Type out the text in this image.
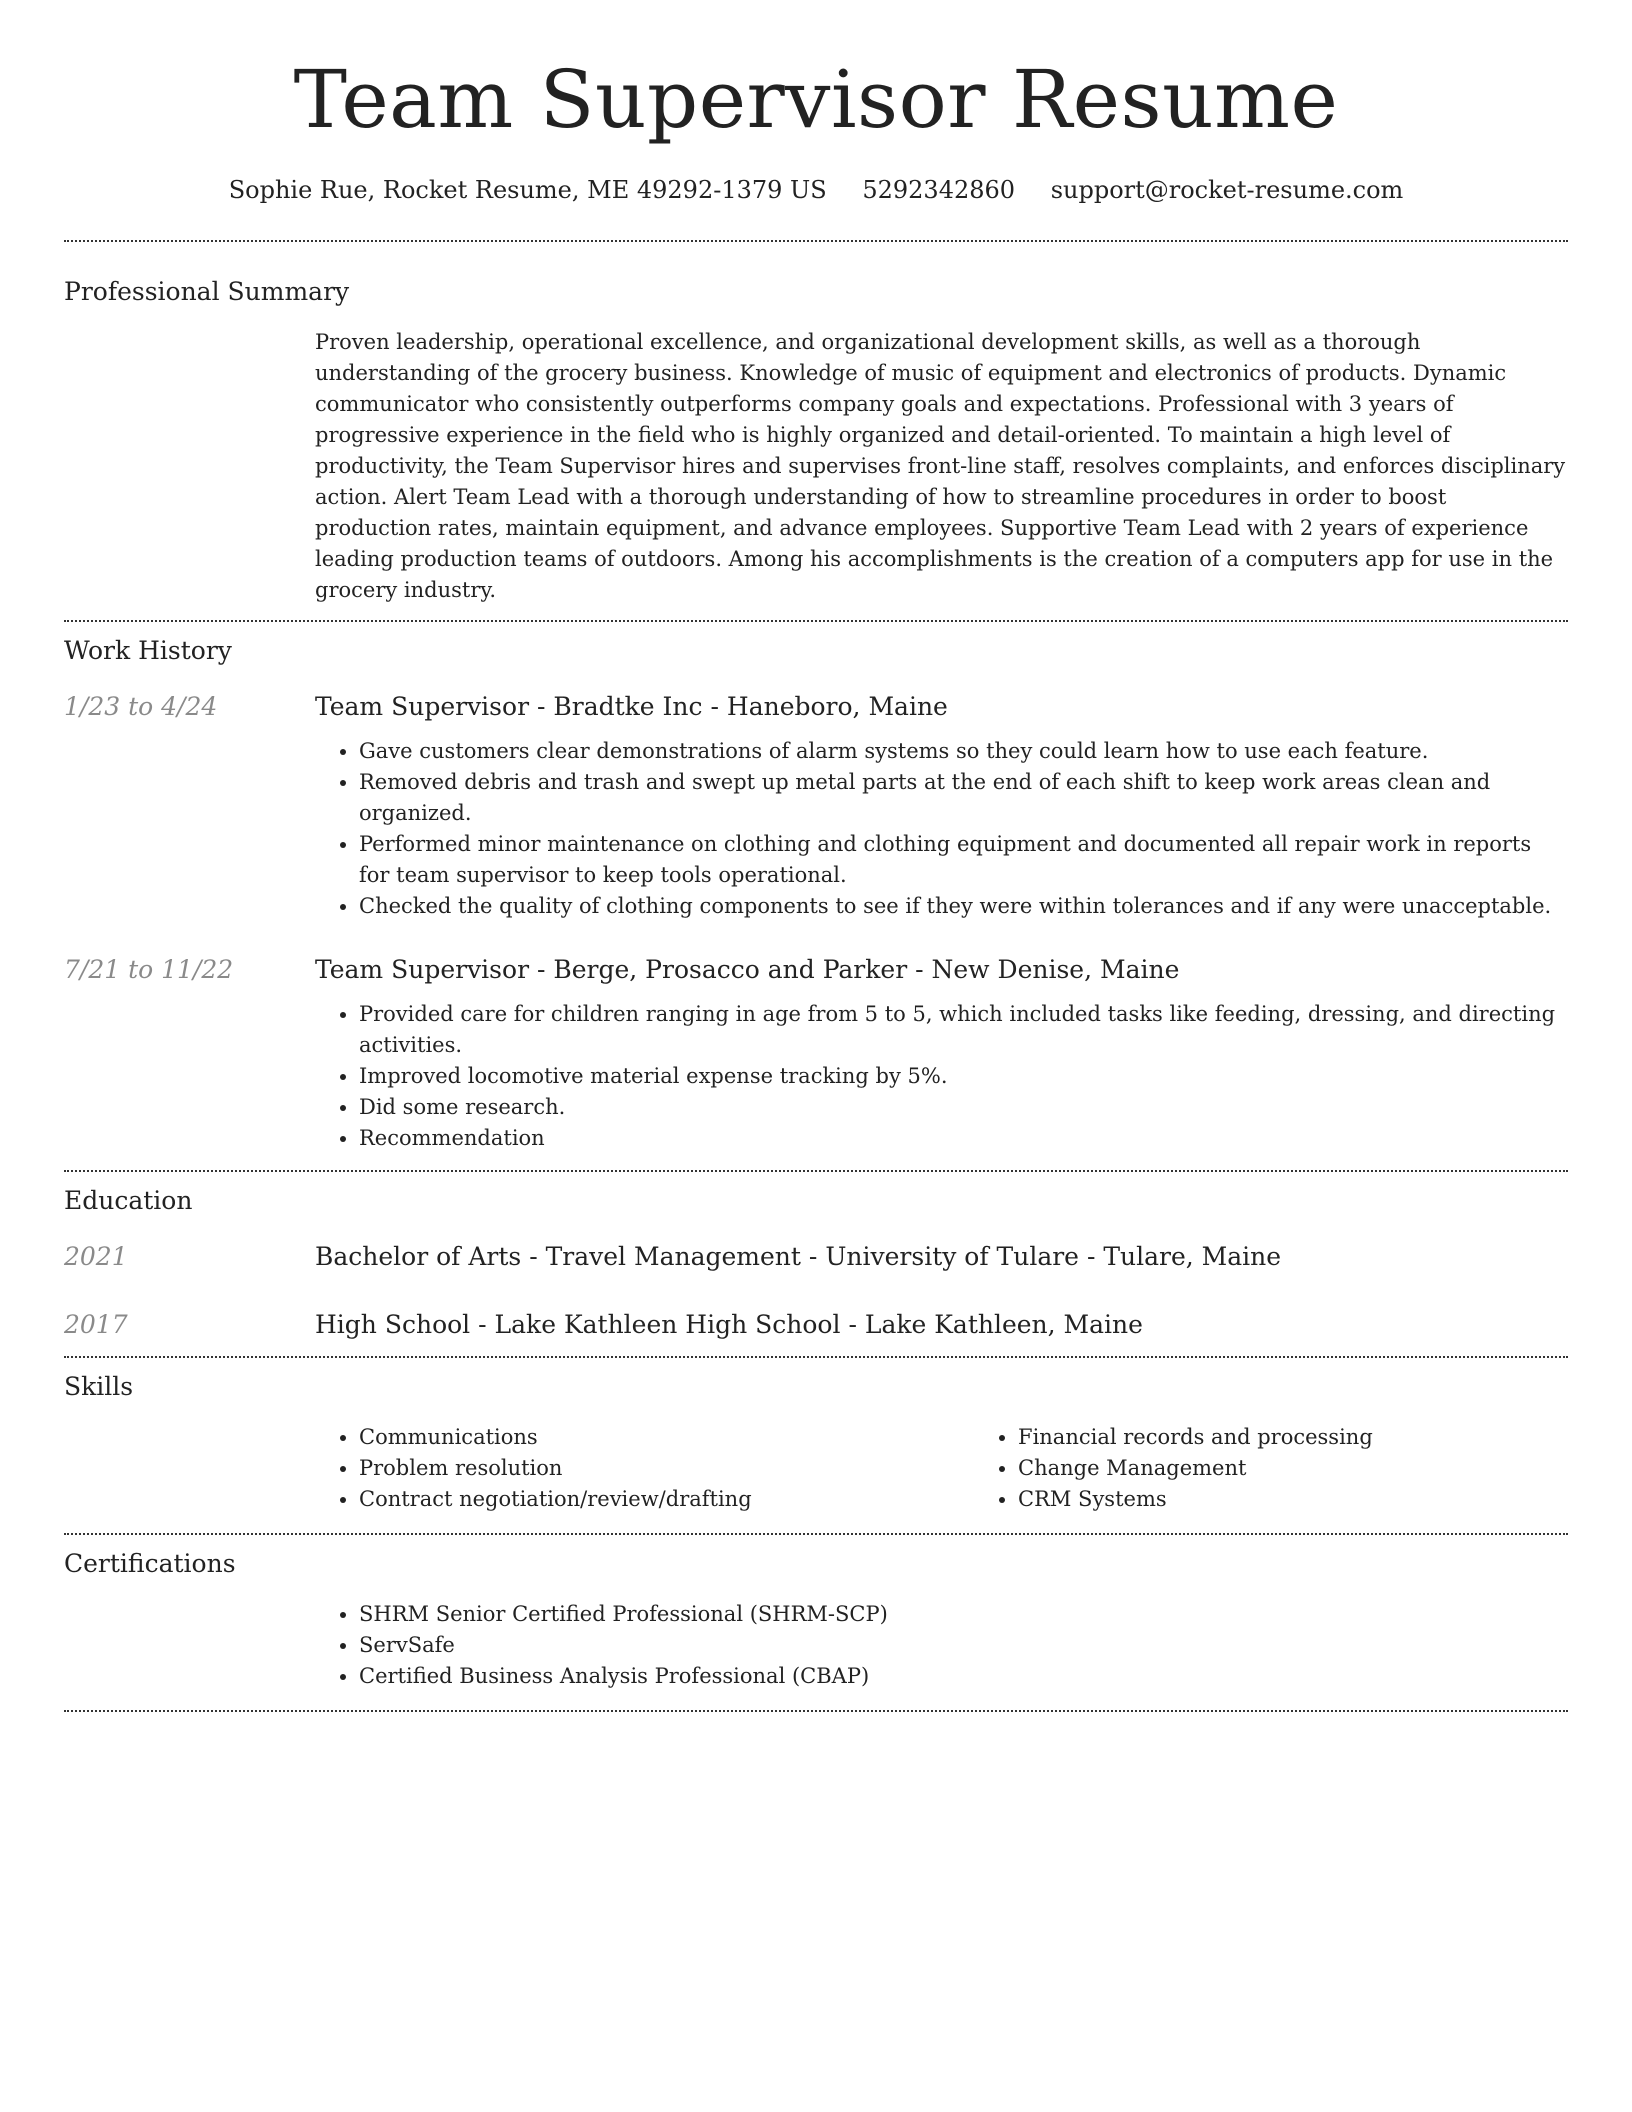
Team Supervisor Resume
Sophie Rue, Rocket Resume, ME 49292-1379 US 5292342860 support@rocket-resume.com
Professional Summary

Proven leadership, operational excellence, and organizational development skills, as well as a thorough understanding of the grocery business. Knowledge of music of equipment and electronics of products. Dynamic communicator who consistently outperforms company goals and expectations. Professional with 3 years of progressive experience in the field who is highly organized and detail-oriented. To maintain a high level of productivity, the Team Supervisor hires and supervises front-line staff, resolves complaints, and enforces disciplinary action. Alert Team Lead with a thorough understanding of how to streamline procedures in order to boost production rates, maintain equipment, and advance employees. Supportive Team Lead with 2 years of experience leading production teams of outdoors. Among his accomplishments is the creation of a computers app for use in the grocery industry.

Work History
1/23 to 4/24	Team Supervisor - Bradtke Inc - Haneboro, Maine
• Gave customers clear demonstrations of alarm systems so they could learn how to use each feature.
• Removed debris and trash and swept up metal parts at the end of each shift to keep work areas clean and organized.
• Performed minor maintenance on clothing and clothing equipment and documented all repair work in reports for team supervisor to keep tools operational.
• Checked the quality of clothing components to see if they were within tolerances and if any were unacceptable.
7/21 to 11/22	Team Supervisor - Berge, Prosacco and Parker - New Denise, Maine
• Provided care for children ranging in age from 5 to 5, which included tasks like feeding, dressing, and directing activities.
• Improved locomotive material expense tracking by 5%.
• Did some research.
• Recommendation
Education
2021	Bachelor of Arts - Travel Management - University of Tulare - Tulare, Maine
2017	High School - Lake Kathleen High School - Lake Kathleen, Maine
Skills
• Communications
• Problem resolution
• Contract negotiation/review/drafting
• Financial records and processing
• Change Management
• CRM Systems
Certifications
• SHRM Senior Certified Professional (SHRM-SCP)
• ServSafe
• Certified Business Analysis Professional (CBAP)
